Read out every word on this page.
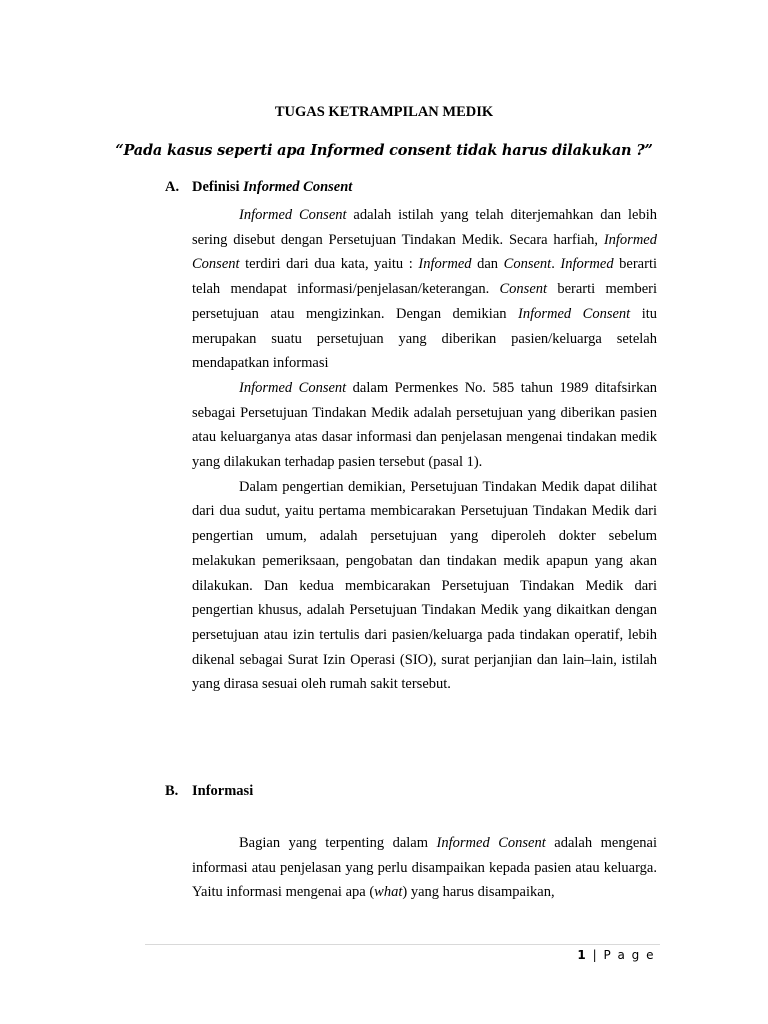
TUGAS KETRAMPILAN MEDIK
“Pada kasus seperti apa Informed consent tidak harus dilakukan ?”
A. Definisi Informed Consent

Informed Consent adalah istilah yang telah diterjemahkan dan lebih sering disebut dengan Persetujuan Tindakan Medik. Secara harfiah, Informed Consent terdiri dari dua kata, yaitu : Informed dan Consent. Informed berarti telah mendapat informasi/penjelasan/keterangan. Consent berarti memberi persetujuan atau mengizinkan. Dengan demikian Informed Consent itu merupakan suatu persetujuan yang diberikan pasien/keluarga setelah mendapatkan informasi

Informed Consent dalam Permenkes No. 585 tahun 1989 ditafsirkan sebagai Persetujuan Tindakan Medik adalah persetujuan yang diberikan pasien atau keluarganya atas dasar informasi dan penjelasan mengenai tindakan medik yang dilakukan terhadap pasien tersebut (pasal 1).

Dalam pengertian demikian, Persetujuan Tindakan Medik dapat dilihat dari dua sudut, yaitu pertama membicarakan Persetujuan Tindakan Medik dari pengertian umum, adalah persetujuan yang diperoleh dokter sebelum melakukan pemeriksaan, pengobatan dan tindakan medik apapun yang akan dilakukan. Dan kedua membicarakan Persetujuan Tindakan Medik dari pengertian khusus, adalah Persetujuan Tindakan Medik yang dikaitkan dengan persetujuan atau izin tertulis dari pasien/keluarga pada tindakan operatif, lebih dikenal sebagai Surat Izin Operasi (SIO), surat perjanjian dan lain–lain, istilah yang dirasa sesuai oleh rumah sakit tersebut.

B. Informasi

Bagian yang terpenting dalam Informed Consent adalah mengenai informasi atau penjelasan yang perlu disampaikan kepada pasien atau keluarga. Yaitu informasi mengenai apa (what) yang harus disampaikan,

1 | P a g e
